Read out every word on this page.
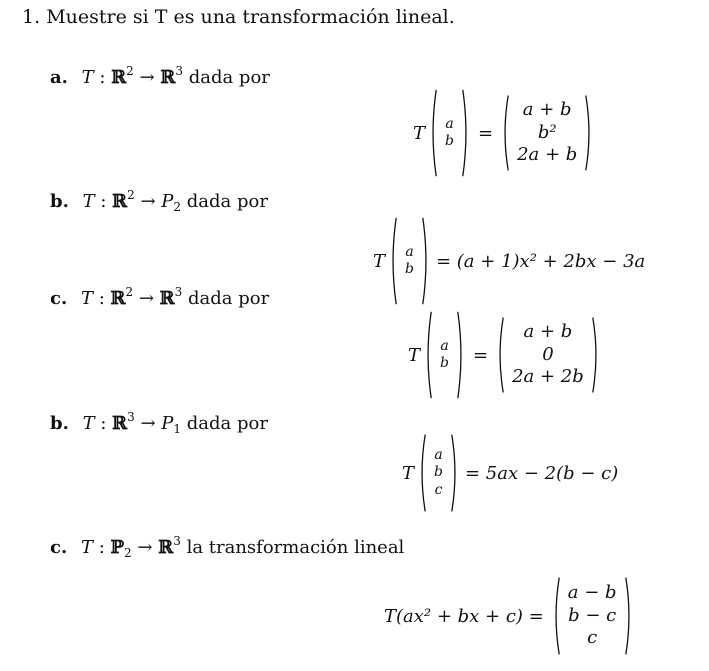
1. Muestre si T es una transformación lineal.
a. T : ℝ$^2$ → ℝ$^3$ dada por
T a
b =
a + b
b²
2a + b
b. T : ℝ$^2$ → $P_2$ dada por
T a
b = (a + 1)x² + 2bx − 3a
c. T : ℝ$^2$ → ℝ$^3$ dada por
T a
b =
a + b
0
2a + 2b
b. T : ℝ$^3$ → $P_1$ dada por
T
a
b
c
= 5ax − 2(b − c)
c. T : ℙ$_2$ → ℝ$^3$ la transformación lineal
T(ax² + bx + c) =
a − b
b − c
c
